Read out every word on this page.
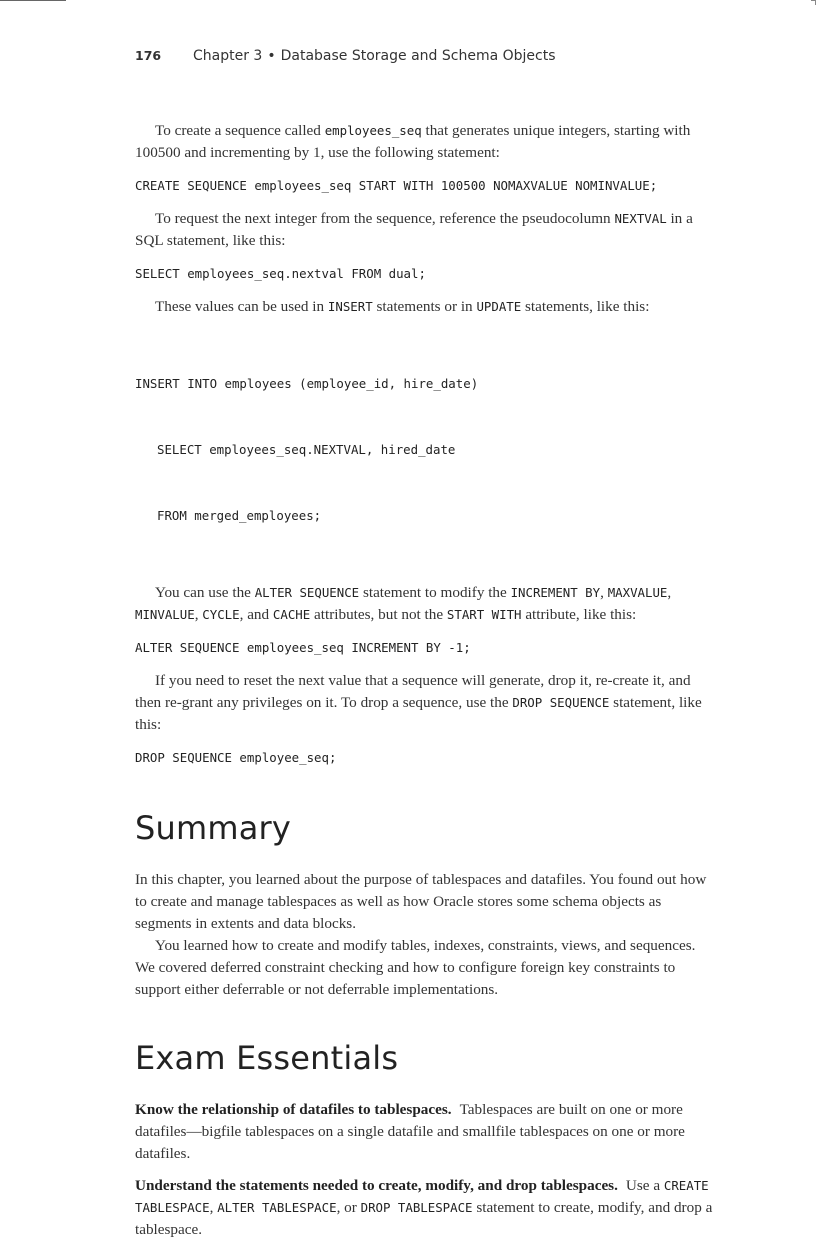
176 Chapter 3 • Database Storage and Schema Objects

To create a sequence called employees_seq that generates unique integers, starting with 100500 and incrementing by 1, use the following statement:

CREATE SEQUENCE employees_seq START WITH 100500 NOMAXVALUE NOMINVALUE;

To request the next integer from the sequence, reference the pseudocolumn NEXTVAL in a SQL statement, like this:

SELECT employees_seq.nextval FROM dual;

These values can be used in INSERT statements or in UPDATE statements, like this:

INSERT INTO employees (employee_id, hire_date)

SELECT employees_seq.NEXTVAL, hired_date

FROM merged_employees;

You can use the ALTER SEQUENCE statement to modify the INCREMENT BY, MAXVALUE, MINVALUE, CYCLE, and CACHE attributes, but not the START WITH attribute, like this:

ALTER SEQUENCE employees_seq INCREMENT BY -1;

If you need to reset the next value that a sequence will generate, drop it, re-create it, and then re-grant any privileges on it. To drop a sequence, use the DROP SEQUENCE statement, like this:

DROP SEQUENCE employee_seq;
Summary

In this chapter, you learned about the purpose of tablespaces and datafiles. You found out how to create and manage tablespaces as well as how Oracle stores some schema objects as segments in extents and data blocks.

You learned how to create and modify tables, indexes, constraints, views, and sequences. We covered deferred constraint checking and how to configure foreign key constraints to support either deferrable or not deferrable implementations.

Exam Essentials

Know the relationship of datafiles to tablespaces. Tablespaces are built on one or more datafiles—bigfile tablespaces on a single datafile and smallfile tablespaces on one or more datafiles.

Understand the statements needed to create, modify, and drop tablespaces. Use a CREATE TABLESPACE, ALTER TABLESPACE, or DROP TABLESPACE statement to create, modify, and drop a tablespace.
